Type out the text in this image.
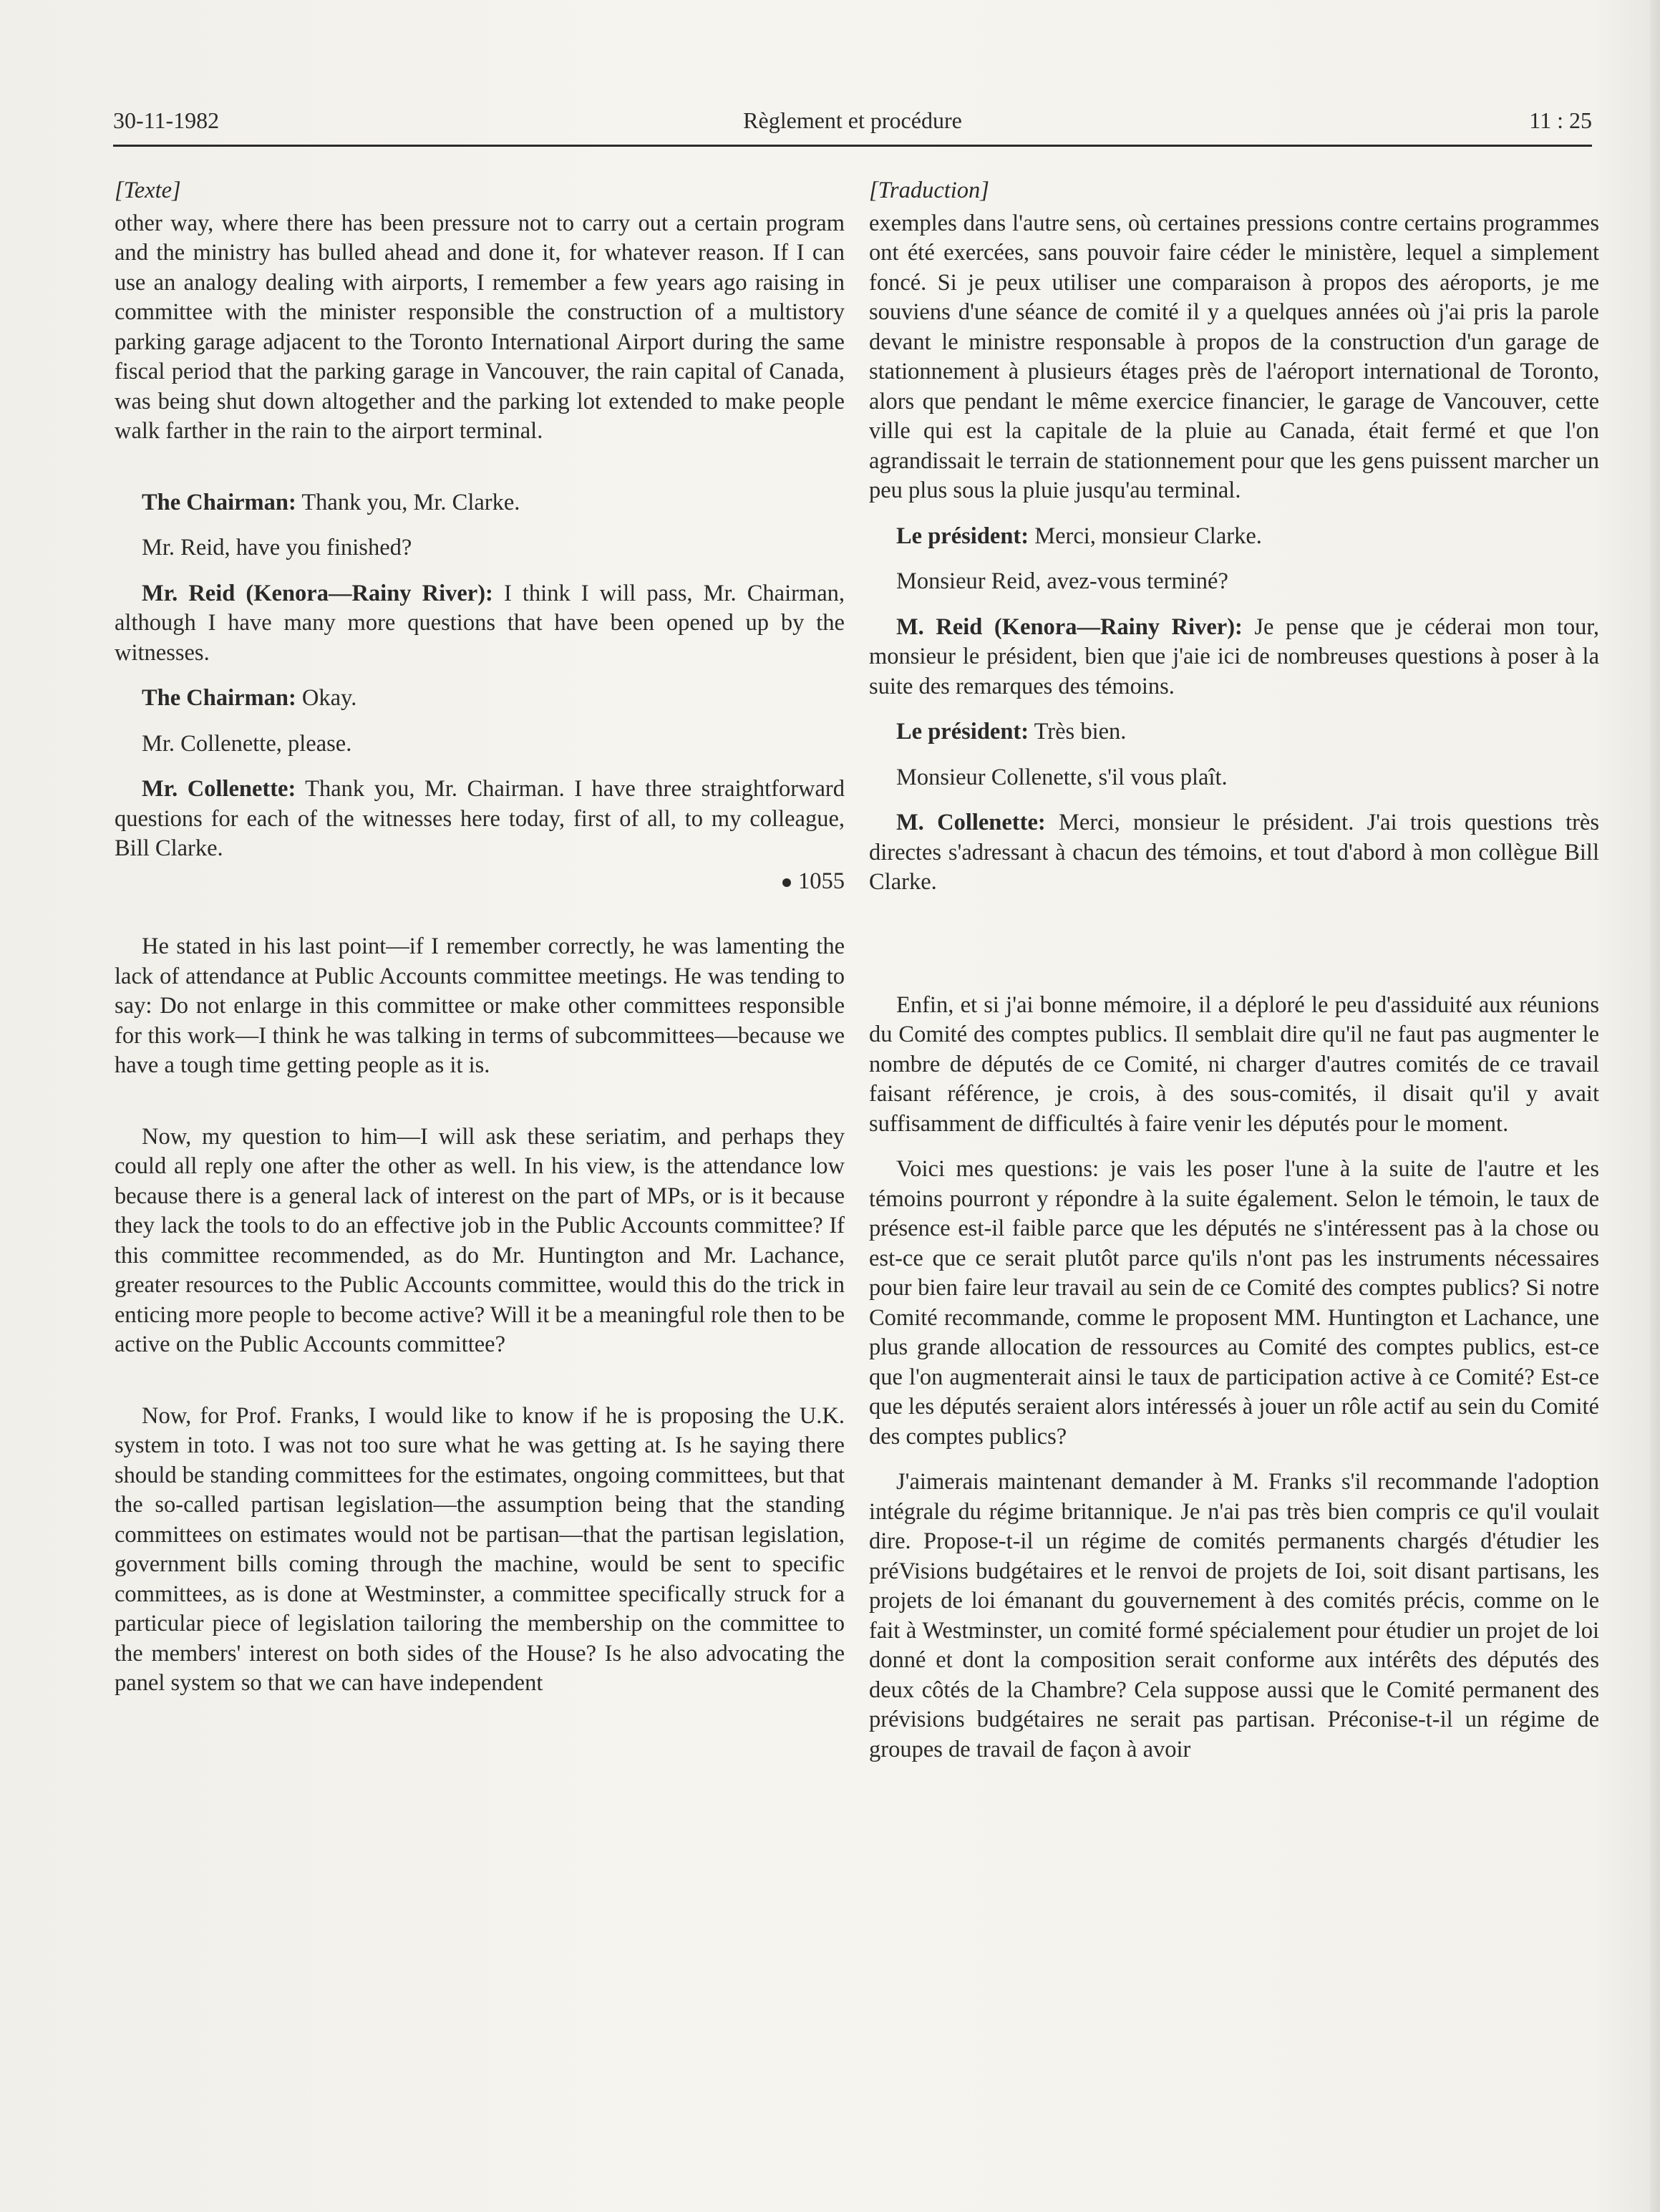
30-11-1982	Règlement et procédure	11 : 25
[Texte]

other way, where there has been pressure not to carry out a certain program and the ministry has bulled ahead and done it, for whatever reason. If I can use an analogy dealing with airports, I remember a few years ago raising in committee with the minister responsible the construction of a multistory parking garage adjacent to the Toronto International Airport during the same fiscal period that the parking garage in Vancouver, the rain capital of Canada, was being shut down altogether and the parking lot extended to make people walk farther in the rain to the airport terminal.

The Chairman: Thank you, Mr. Clarke.

Mr. Reid, have you finished?

Mr. Reid (Kenora—Rainy River): I think I will pass, Mr. Chairman, although I have many more questions that have been opened up by the witnesses.

The Chairman: Okay.

Mr. Collenette, please.

Mr. Collenette: Thank you, Mr. Chairman. I have three straightforward questions for each of the witnesses here today, first of all, to my colleague, Bill Clarke.

1055

He stated in his last point—if I remember correctly, he was lamenting the lack of attendance at Public Accounts committee meetings. He was tending to say: Do not enlarge in this committee or make other committees responsible for this work—I think he was talking in terms of subcommittees—because we have a tough time getting people as it is.

Now, my question to him—I will ask these seriatim, and perhaps they could all reply one after the other as well. In his view, is the attendance low because there is a general lack of interest on the part of MPs, or is it because they lack the tools to do an effective job in the Public Accounts committee? If this committee recommended, as do Mr. Huntington and Mr. Lachance, greater resources to the Public Accounts committee, would this do the trick in enticing more people to become active? Will it be a meaningful role then to be active on the Public Accounts committee?

Now, for Prof. Franks, I would like to know if he is proposing the U.K. system in toto. I was not too sure what he was getting at. Is he saying there should be standing committees for the estimates, ongoing committees, but that the so-called partisan legislation—the assumption being that the standing committees on estimates would not be partisan—that the partisan legislation, government bills coming through the machine, would be sent to specific committees, as is done at Westminster, a committee specifically struck for a particular piece of legislation tailoring the membership on the committee to the members' interest on both sides of the House? Is he also advocating the panel system so that we can have independent

[Traduction]

exemples dans l'autre sens, où certaines pressions contre certains programmes ont été exercées, sans pouvoir faire céder le ministère, lequel a simplement foncé. Si je peux utiliser une comparaison à propos des aéroports, je me souviens d'une séance de comité il y a quelques années où j'ai pris la parole devant le ministre responsable à propos de la construction d'un garage de stationnement à plusieurs étages près de l'aéroport international de Toronto, alors que pendant le même exercice financier, le garage de Vancouver, cette ville qui est la capitale de la pluie au Canada, était fermé et que l'on agrandissait le terrain de stationnement pour que les gens puissent marcher un peu plus sous la pluie jusqu'au terminal.

Le président: Merci, monsieur Clarke.

Monsieur Reid, avez-vous terminé?

M. Reid (Kenora—Rainy River): Je pense que je céderai mon tour, monsieur le président, bien que j'aie ici de nombreuses questions à poser à la suite des remarques des témoins.

Le président: Très bien.

Monsieur Collenette, s'il vous plaît.

M. Collenette: Merci, monsieur le président. J'ai trois questions très directes s'adressant à chacun des témoins, et tout d'abord à mon collègue Bill Clarke.

Enfin, et si j'ai bonne mémoire, il a déploré le peu d'assiduité aux réunions du Comité des comptes publics. Il semblait dire qu'il ne faut pas augmenter le nombre de députés de ce Comité, ni charger d'autres comités de ce travail faisant référence, je crois, à des sous-comités, il disait qu'il y avait suffisamment de difficultés à faire venir les députés pour le moment.

Voici mes questions: je vais les poser l'une à la suite de l'autre et les témoins pourront y répondre à la suite également. Selon le témoin, le taux de présence est-il faible parce que les députés ne s'intéressent pas à la chose ou est-ce que ce serait plutôt parce qu'ils n'ont pas les instruments nécessaires pour bien faire leur travail au sein de ce Comité des comptes publics? Si notre Comité recommande, comme le proposent MM. Huntington et Lachance, une plus grande allocation de ressources au Comité des comptes publics, est-ce que l'on augmenterait ainsi le taux de participation active à ce Comité? Est-ce que les députés seraient alors intéressés à jouer un rôle actif au sein du Comité des comptes publics?

J'aimerais maintenant demander à M. Franks s'il recommande l'adoption intégrale du régime britannique. Je n'ai pas très bien compris ce qu'il voulait dire. Propose-t-il un régime de comités permanents chargés d'étudier les préVisions budgétaires et le renvoi de projets de Ioi, soit disant partisans, les projets de loi émanant du gouvernement à des comités précis, comme on le fait à Westminster, un comité formé spécialement pour étudier un projet de loi donné et dont la composition serait conforme aux intérêts des députés des deux côtés de la Chambre? Cela suppose aussi que le Comité permanent des prévisions budgétaires ne serait pas partisan. Préconise-t-il un régime de groupes de travail de façon à avoir
